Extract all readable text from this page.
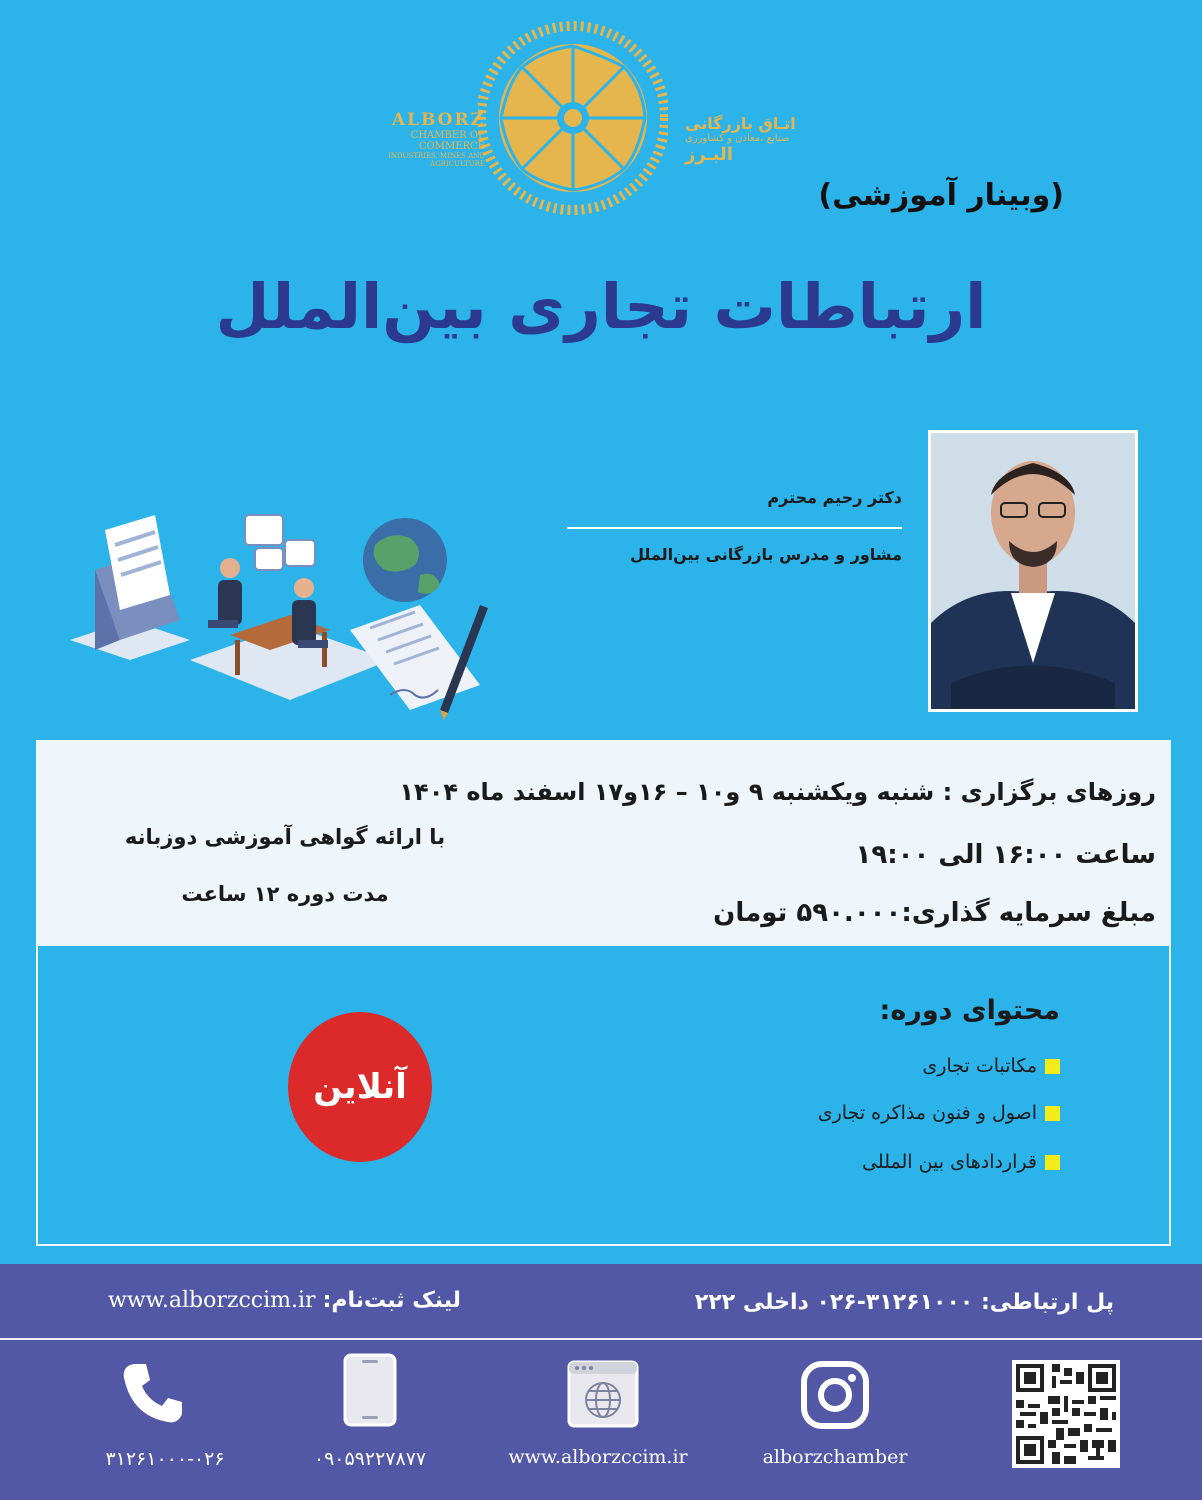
ALBORZ
CHAMBER OF COMMERCE
INDUSTRIES, MINES AND AGRICULTURE
اتـاق بازرگانی
صنایع ،معادن و کشاورزی
البـرز
(وبینار آموزشی)
ارتباطات تجاری بین‌الملل
دکتر رحیم محترم
مشاور و مدرس بازرگانی بین‌الملل
روزهای برگزاری : شنبه ویکشنبه ۹ و۱۰ – ۱۶و۱۷ اسفند ماه ۱۴۰۴
ساعت ۱۶:۰۰ الی ۱۹:۰۰
مبلغ سرمایه گذاری:۵۹۰.۰۰۰ تومان
با ارائه گواهی آموزشی دوزبانه
مدت دوره ۱۲ ساعت
محتوای دوره:
مکاتبات تجاری
اصول و فنون مذاکره تجاری
قراردادهای بین المللی
آنلاین
پل ارتباطی: ۳۱۲۶۱۰۰۰-۰۲۶ داخلی ۲۲۲
لینک ثبت‌نام: www.alborzccim.ir
۳۱۲۶۱۰۰۰-۰۲۶	۰۹۰۵۹۲۲۷۸۷۷	www.alborzccim.ir	alborzchamber
